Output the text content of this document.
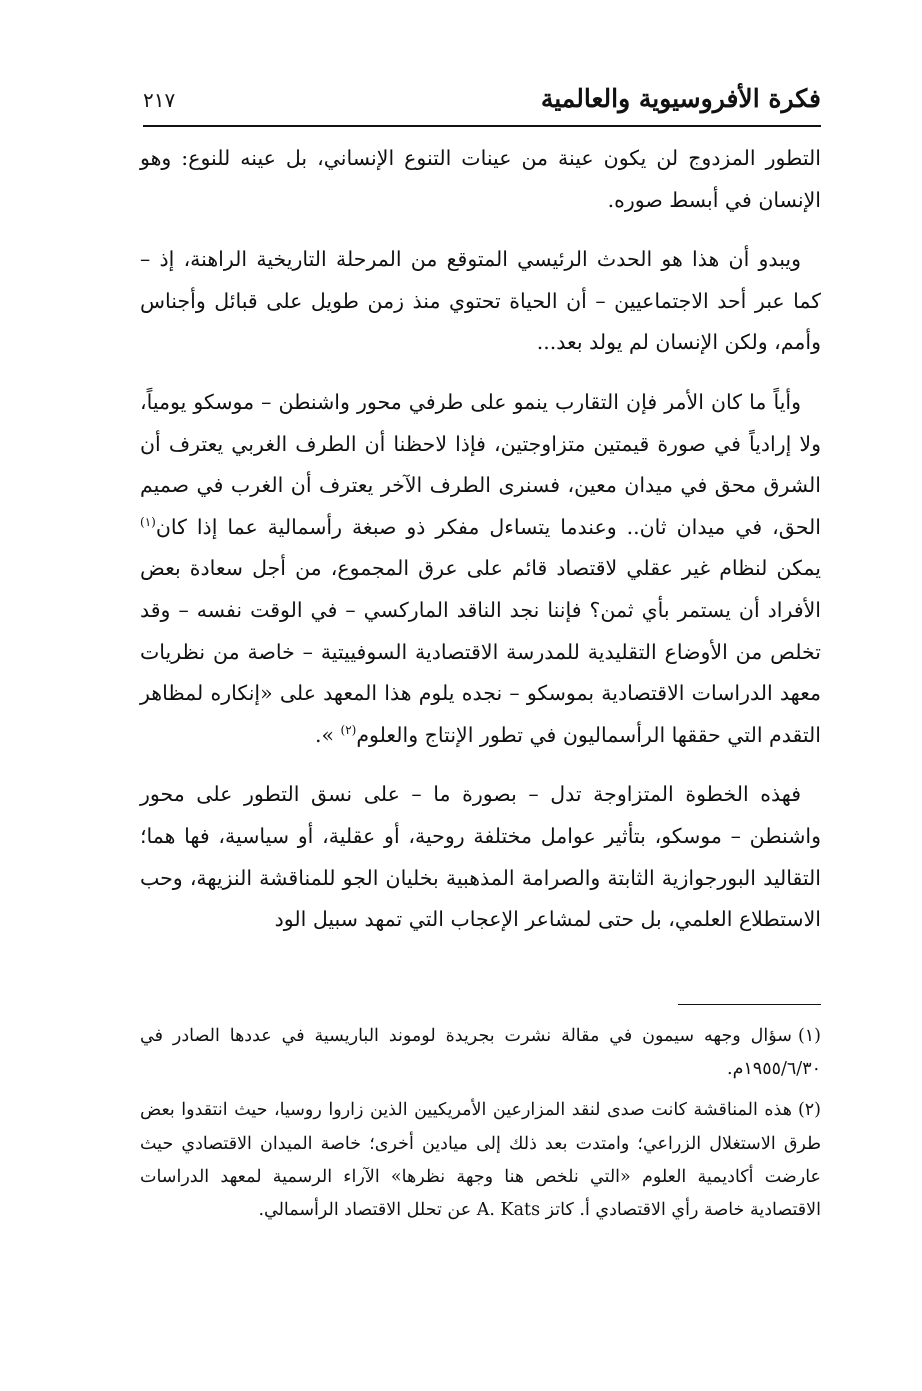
فكرة الأفروسيوية والعالمية
٢١٧

التطور المزدوج لن يكون عينة من عينات التنوع الإنساني، بل عينه للنوع: وهو الإنسان في أبسط صوره.

ويبدو أن هذا هو الحدث الرئيسي المتوقع من المرحلة التاريخية الراهنة، إذ – كما عبر أحد الاجتماعيين – أن الحياة تحتوي منذ زمن طويل على قبائل وأجناس وأمم، ولكن الإنسان لم يولد بعد...

وأياً ما كان الأمر فإن التقارب ينمو على طرفي محور واشنطن – موسكو يومياً، ولا إرادياً في صورة قيمتين متزاوجتين، فإذا لاحظنا أن الطرف الغربي يعترف أن الشرق محق في ميدان معين، فسنرى الطرف الآخر يعترف أن الغرب في صميم الحق، في ميدان ثان.. وعندما يتساءل مفكر ذو صبغة رأسمالية عما إذا كان$^{(١)}$ يمكن لنظام غير عقلي لاقتصاد قائم على عرق المجموع، من أجل سعادة بعض الأفراد أن يستمر بأي ثمن؟ فإننا نجد الناقد الماركسي – في الوقت نفسه – وقد تخلص من الأوضاع التقليدية للمدرسة الاقتصادية السوفييتية – خاصة من نظريات معهد الدراسات الاقتصادية بموسكو – نجده يلوم هذا المعهد على «إنكاره لمظاهر التقدم التي حققها الرأسماليون في تطور الإنتاج والعلوم$^{(٢)}$ ».

فهذه الخطوة المتزاوجة تدل – بصورة ما – على نسق التطور على محور واشنطن – موسكو، بتأثير عوامل مختلفة روحية، أو عقلية، أو سياسية، فها هما؛ التقاليد البورجوازية الثابتة والصرامة المذهبية بخليان الجو للمناقشة النزيهة، وحب الاستطلاع العلمي، بل حتى لمشاعر الإعجاب التي تمهد سبيل الود

(١)سؤال وجهه سيمون في مقالة نشرت بجريدة لوموند الباريسية في عددها الصادر في ١٩٥٥/٦/٣٠م.

(٢)هذه المناقشة كانت صدى لنقد المزارعين الأمريكيين الذين زاروا روسيا، حيث انتقدوا بعض طرق الاستغلال الزراعي؛ وامتدت بعد ذلك إلى ميادين أخرى؛ خاصة الميدان الاقتصادي حيث عارضت أكاديمية العلوم «التي نلخص هنا وجهة نظرها» الآراء الرسمية لمعهد الدراسات الاقتصادية خاصة رأي الاقتصادي أ. كاتز A. Kats عن تحلل الاقتصاد الرأسمالي.
